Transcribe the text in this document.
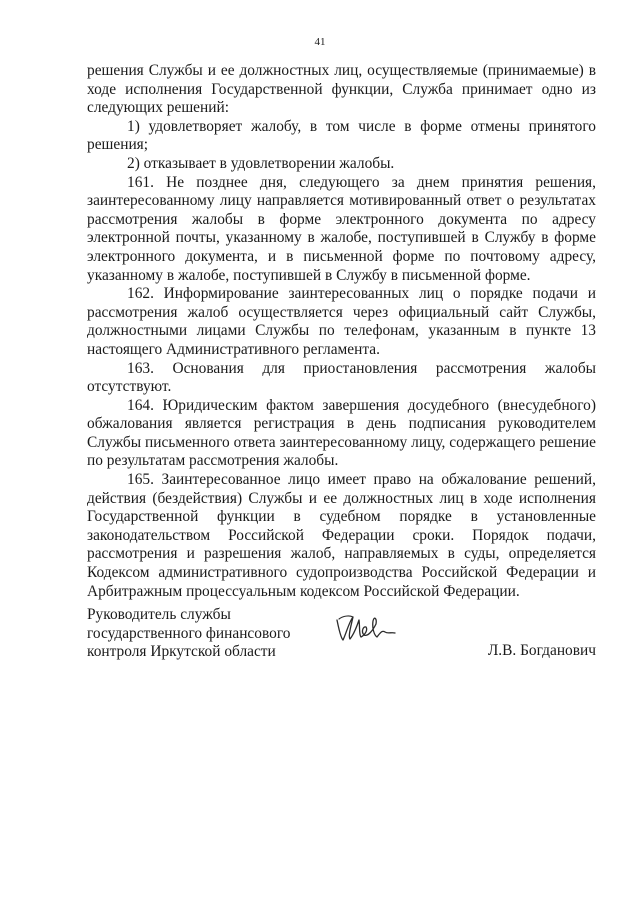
41

решения Службы и ее должностных лиц, осуществляемые (принимаемые) в ходе исполнения Государственной функции, Служба принимает одно из следующих решений:

1) удовлетворяет жалобу, в том числе в форме отмены принятого решения;

2) отказывает в удовлетворении жалобы.

161. Не позднее дня, следующего за днем принятия решения, заинтересованному лицу направляется мотивированный ответ о результатах рассмотрения жалобы в форме электронного документа по адресу электронной почты, указанному в жалобе, поступившей в Службу в форме электронного документа, и в письменной форме по почтовому адресу, указанному в жалобе, поступившей в Службу в письменной форме.

162. Информирование заинтересованных лиц о порядке подачи и рассмотрения жалоб осуществляется через официальный сайт Службы, должностными лицами Службы по телефонам, указанным в пункте 13 настоящего Административного регламента.

163. Основания для приостановления рассмотрения жалобы отсутствуют.

164. Юридическим фактом завершения досудебного (внесудебного) обжалования является регистрация в день подписания руководителем Службы письменного ответа заинтересованному лицу, содержащего решение по результатам рассмотрения жалобы.

165. Заинтересованное лицо имеет право на обжалование решений, действия (бездействия) Службы и ее должностных лиц в ходе исполнения Государственной функции в судебном порядке в установленные законодательством Российской Федерации сроки. Порядок подачи, рассмотрения и разрешения жалоб, направляемых в суды, определяется Кодексом административного судопроизводства Российской Федерации и Арбитражным процессуальным кодексом Российской Федерации.

Руководитель службы
государственного финансового
контроля Иркутской области	Л.В. Богданович
